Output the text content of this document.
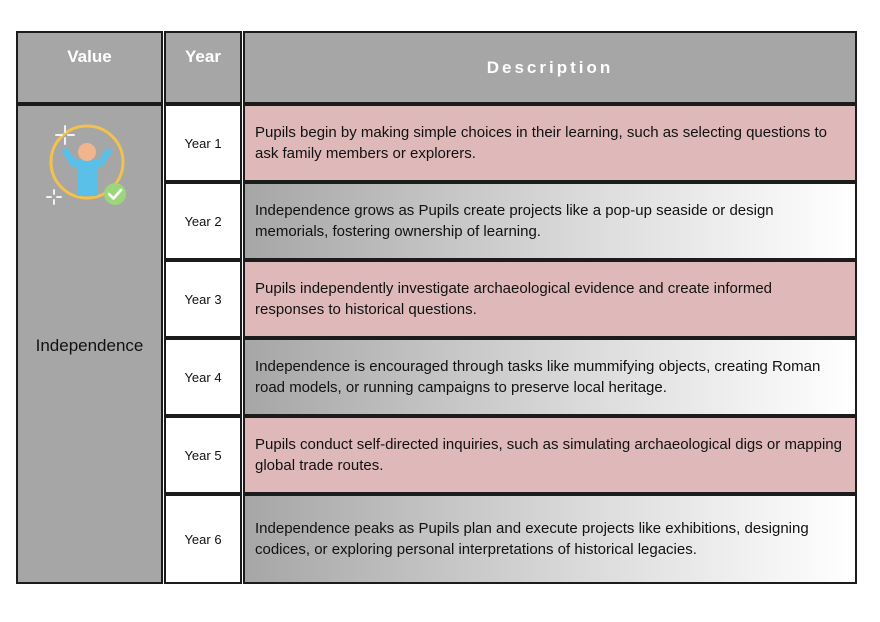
Value	Year
Description
Independence
Year 1
Pupils begin by making simple choices in their learning, such as selecting questions to ask family members or explorers.
Year 2
Independence grows as Pupils create projects like a pop-up seaside or design memorials, fostering ownership of learning.
Year 3
Pupils independently investigate archaeological evidence and create informed responses to historical questions.
Year 4
Independence is encouraged through tasks like mummifying objects, creating Roman road models, or running campaigns to preserve local heritage.
Year 5
Pupils conduct self-directed inquiries, such as simulating archaeological digs or mapping global trade routes.
Year 6
Independence peaks as Pupils plan and execute projects like exhibitions, designing codices, or exploring personal interpretations of historical legacies.
